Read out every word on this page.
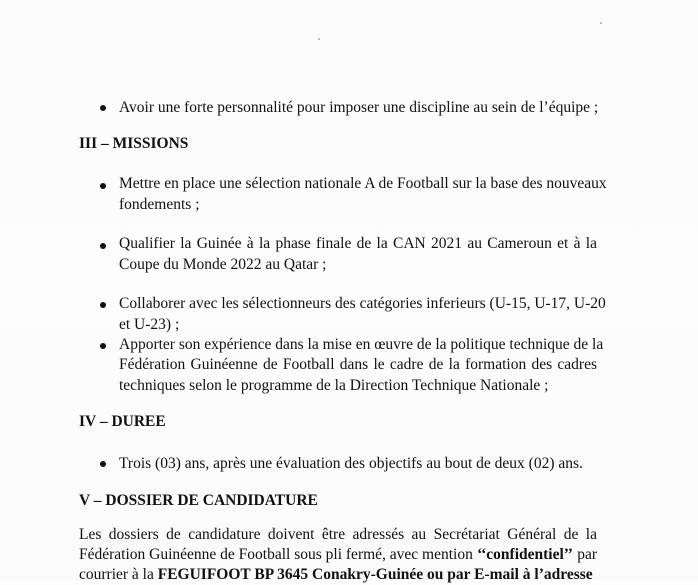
Avoir une forte personnalité pour imposer une discipline au sein de l’équipe ;
III – MISSIONS
Mettre en place une sélection nationale A de Football sur la base des nouveaux
fondements ;
Qualifier la Guinée à la phase finale de la CAN 2021 au Cameroun et à la
Coupe du Monde 2022 au Qatar ;
Collaborer avec les sélectionneurs des catégories inferieurs (U-15, U-17, U-20
et U-23) ;
Apporter son expérience dans la mise en œuvre de la politique technique de la
Fédération Guinéenne de Football dans le cadre de la formation des cadres
techniques selon le programme de la Direction Technique Nationale ;
IV – DUREE
Trois (03) ans, après une évaluation des objectifs au bout de deux (02) ans.
V – DOSSIER DE CANDIDATURE
Les dossiers de candidature doivent être adressés au Secrétariat Général de la
Fédération Guinéenne de Football sous pli fermé, avec mention ‘‘confidentiel’’ par
courrier à la FEGUIFOOT BP 3645 Conakry-Guinée ou par E-mail à l’adresse
